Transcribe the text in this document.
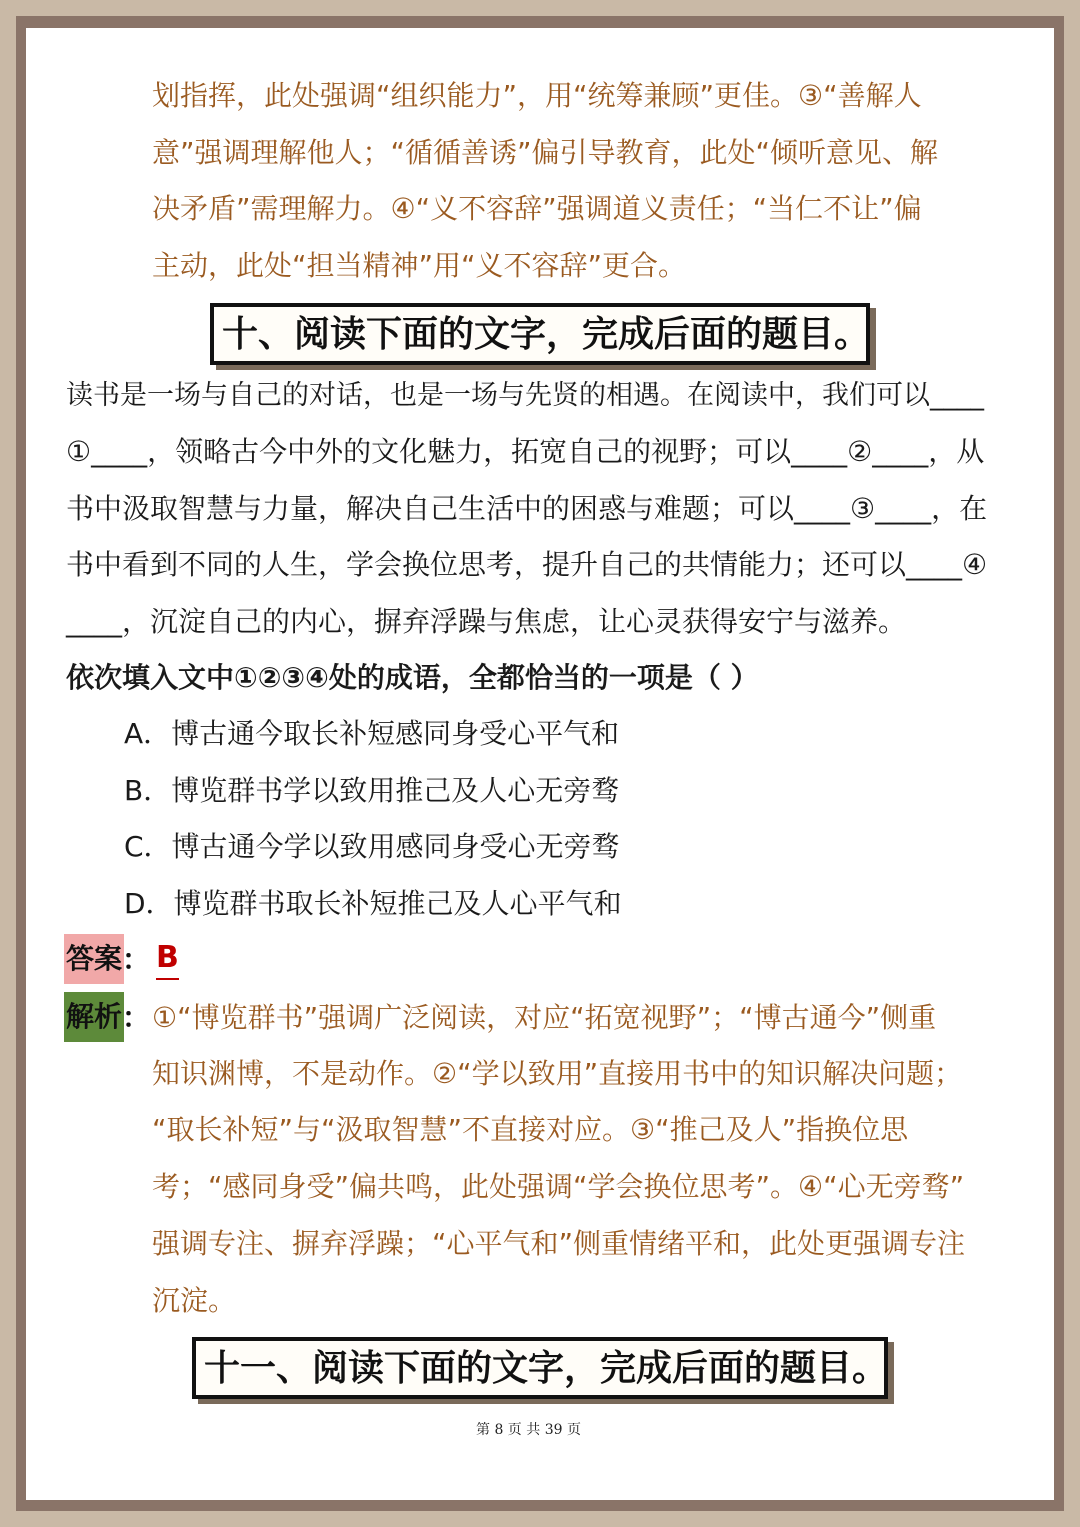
划指挥，此处强调“组织能力”，用“统筹兼顾”更佳。③“善解人
意”强调理解他人；“循循善诱”偏引导教育，此处“倾听意见、解
决矛盾”需理解力。④“义不容辞”强调道义责任；“当仁不让”偏
主动，此处“担当精神”用“义不容辞”更合。
十、阅读下面的文字，完成后面的题目。
读书是一场与自己的对话，也是一场与先贤的相遇。在阅读中，我们可以____
①____，领略古今中外的文化魅力，拓宽自己的视野；可以____②____，从
书中汲取智慧与力量，解决自己生活中的困惑与难题；可以____③____，在
书中看到不同的人生，学会换位思考，提升自己的共情能力；还可以____④
____，沉淀自己的内心，摒弃浮躁与焦虑，让心灵获得安宁与滋养。
依次填入文中①②③④处的成语，全都恰当的一项是（ ）
A．博古通今取长补短感同身受心平气和
B．博览群书学以致用推己及人心无旁骛
C．博古通今学以致用感同身受心无旁骛
D．博览群书取长补短推己及人心平气和
答案 ： B
解析 ： ①“博览群书”强调广泛阅读，对应“拓宽视野”；“博古通今”侧重
知识渊博，不是动作。②“学以致用”直接用书中的知识解决问题；
“取长补短”与“汲取智慧”不直接对应。③“推己及人”指换位思
考；“感同身受”偏共鸣，此处强调“学会换位思考”。④“心无旁骛”
强调专注、摒弃浮躁；“心平气和”侧重情绪平和，此处更强调专注
沉淀。
十一、阅读下面的文字，完成后面的题目。
第 8 页 共 39 页
